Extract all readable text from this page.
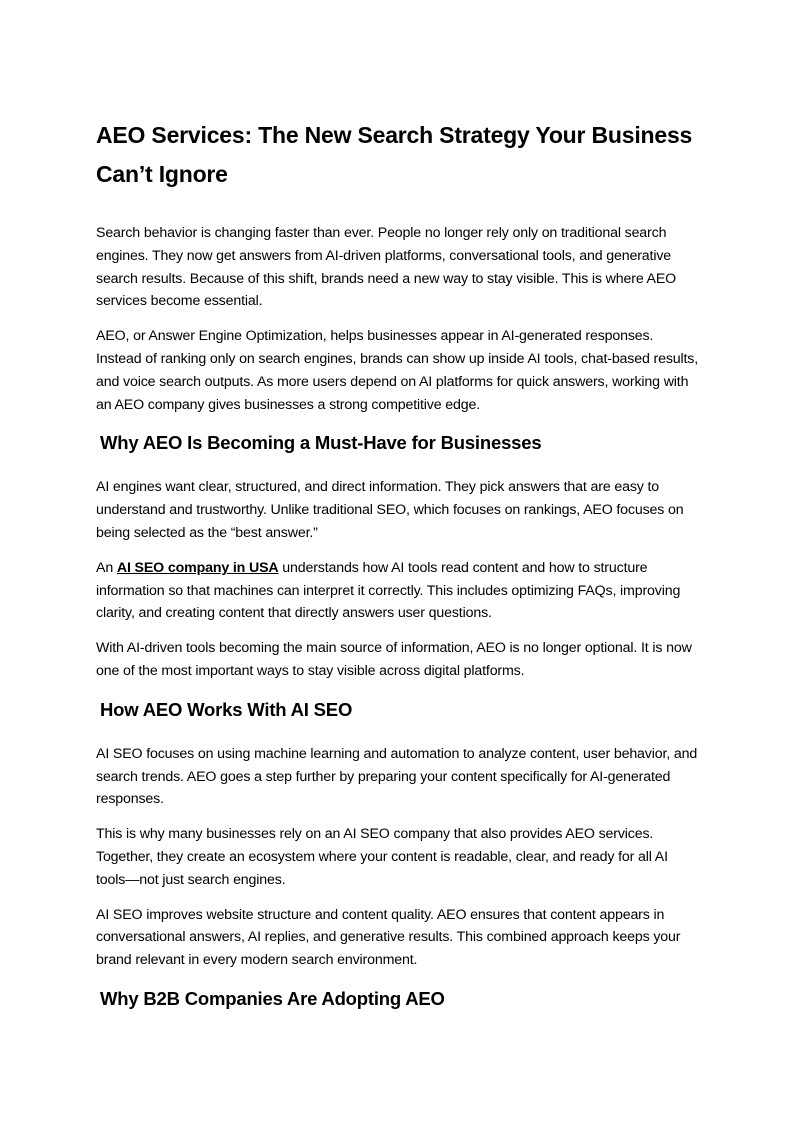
AEO Services: The New Search Strategy Your Business Can’t Ignore

Search behavior is changing faster than ever. People no longer rely only on traditional search engines. They now get answers from AI-driven platforms, conversational tools, and generative search results. Because of this shift, brands need a new way to stay visible. This is where AEO services become essential.

AEO, or Answer Engine Optimization, helps businesses appear in AI-generated responses. Instead of ranking only on search engines, brands can show up inside AI tools, chat-based results, and voice search outputs. As more users depend on AI platforms for quick answers, working with an AEO company gives businesses a strong competitive edge.

Why AEO Is Becoming a Must-Have for Businesses

AI engines want clear, structured, and direct information. They pick answers that are easy to understand and trustworthy. Unlike traditional SEO, which focuses on rankings, AEO focuses on being selected as the “best answer.”

An AI SEO company in USA understands how AI tools read content and how to structure information so that machines can interpret it correctly. This includes optimizing FAQs, improving clarity, and creating content that directly answers user questions.

With AI-driven tools becoming the main source of information, AEO is no longer optional. It is now one of the most important ways to stay visible across digital platforms.

How AEO Works With AI SEO

AI SEO focuses on using machine learning and automation to analyze content, user behavior, and search trends. AEO goes a step further by preparing your content specifically for AI-generated responses.

This is why many businesses rely on an AI SEO company that also provides AEO services. Together, they create an ecosystem where your content is readable, clear, and ready for all AI tools—not just search engines.

AI SEO improves website structure and content quality. AEO ensures that content appears in conversational answers, AI replies, and generative results. This combined approach keeps your brand relevant in every modern search environment.

Why B2B Companies Are Adopting AEO
